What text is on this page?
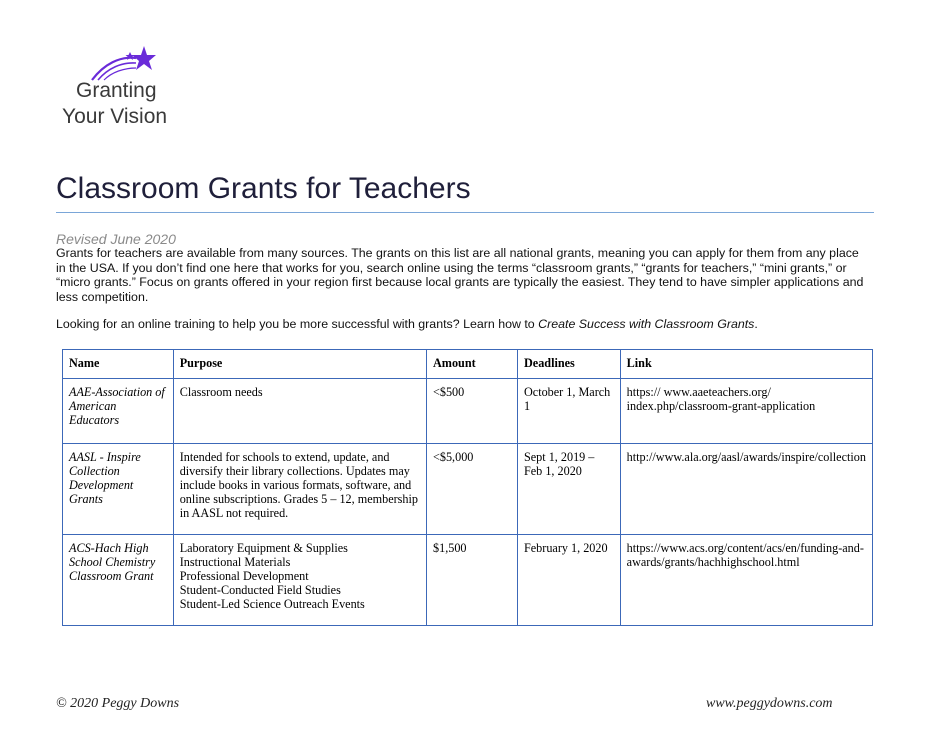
Granting
Your Vision
Classroom Grants for Teachers
Revised June 2020
Grants for teachers are available from many sources. The grants on this list are all national grants, meaning you can apply for them from any place in the USA. If you don’t find one here that works for you, search online using the terms “classroom grants,” “grants for teachers,” “mini grants,” or “micro grants.” Focus on grants offered in your region first because local grants are typically the easiest. They tend to have simpler applications and less competition.
Looking for an online training to help you be more successful with grants? Learn how to Create Success with Classroom Grants.
Name	Purpose	Amount	Deadlines	Link
AAE-Association of American Educators	Classroom needs	<$500	October 1, March 1	https:// www.aaeteachers.org/ index.php/classroom-grant-application
AASL - Inspire Collection Development Grants	Intended for schools to extend, update, and diversify their library collections. Updates may include books in various formats, software, and online subscriptions. Grades 5 – 12, membership in AASL not required.	<$5,000	Sept 1, 2019 – Feb 1, 2020	http://www.ala.org/aasl/awards/inspire/collection
ACS-Hach High School Chemistry Classroom Grant	Laboratory Equipment & Supplies
Instructional Materials
Professional Development
Student-Conducted Field Studies
Student-Led Science Outreach Events	$1,500	February 1, 2020	https://www.acs.org/content/acs/en/funding-and-awards/grants/hachhighschool.html
© 2020 Peggy Downs	www.peggydowns.com
